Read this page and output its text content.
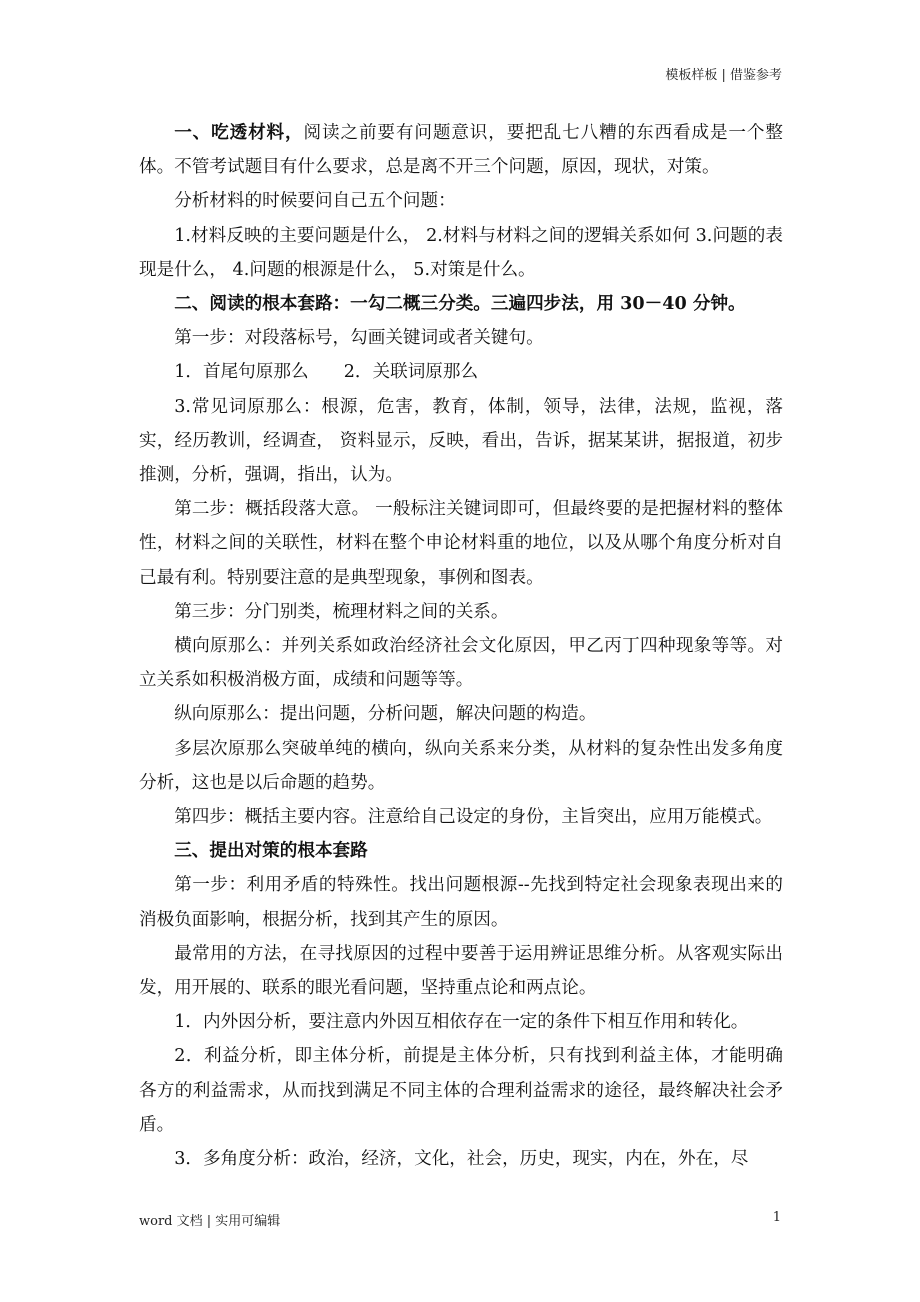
模板样板 | 借鉴参考

一、吃透材料，阅读之前要有问题意识，要把乱七八糟的东西看成是一个整体。不管考试题目有什么要求，总是离不开三个问题，原因，现状，对策。

分析材料的时候要问自己五个问题：

1.材料反映的主要问题是什么， 2.材料与材料之间的逻辑关系如何 3.问题的表现是什么， 4.问题的根源是什么， 5.对策是什么。

二、阅读的根本套路：一勾二概三分类。三遍四步法，用 30－40 分钟。

第一步：对段落标号，勾画关键词或者关键句。

1．首尾句原那么　　2．关联词原那么

3.常见词原那么：根源，危害，教育，体制，领导，法律，法规，监视，落实，经历教训，经调查， 资料显示，反映，看出，告诉，据某某讲，据报道，初步推测，分析，强调，指出，认为。

第二步：概括段落大意。 一般标注关键词即可，但最终要的是把握材料的整体性，材料之间的关联性，材料在整个申论材料重的地位，以及从哪个角度分析对自己最有利。特别要注意的是典型现象，事例和图表。

第三步：分门别类，梳理材料之间的关系。

横向原那么：并列关系如政治经济社会文化原因，甲乙丙丁四种现象等等。对立关系如积极消极方面，成绩和问题等等。

纵向原那么：提出问题，分析问题，解决问题的构造。

多层次原那么突破单纯的横向，纵向关系来分类，从材料的复杂性出发多角度分析，这也是以后命题的趋势。

第四步：概括主要内容。注意给自己设定的身份，主旨突出，应用万能模式。

三、提出对策的根本套路

第一步：利用矛盾的特殊性。找出问题根源--先找到特定社会现象表现出来的消极负面影响，根据分析，找到其产生的原因。

最常用的方法，在寻找原因的过程中要善于运用辨证思维分析。从客观实际出发，用开展的、联系的眼光看问题，坚持重点论和两点论。

1．内外因分析，要注意内外因互相依存在一定的条件下相互作用和转化。

2．利益分析，即主体分析，前提是主体分析，只有找到利益主体，才能明确各方的利益需求，从而找到满足不同主体的合理利益需求的途径，最终解决社会矛盾。

3．多角度分析：政治，经济，文化，社会，历史，现实，内在，外在，尽

word 文档 | 实用可编辑	1
